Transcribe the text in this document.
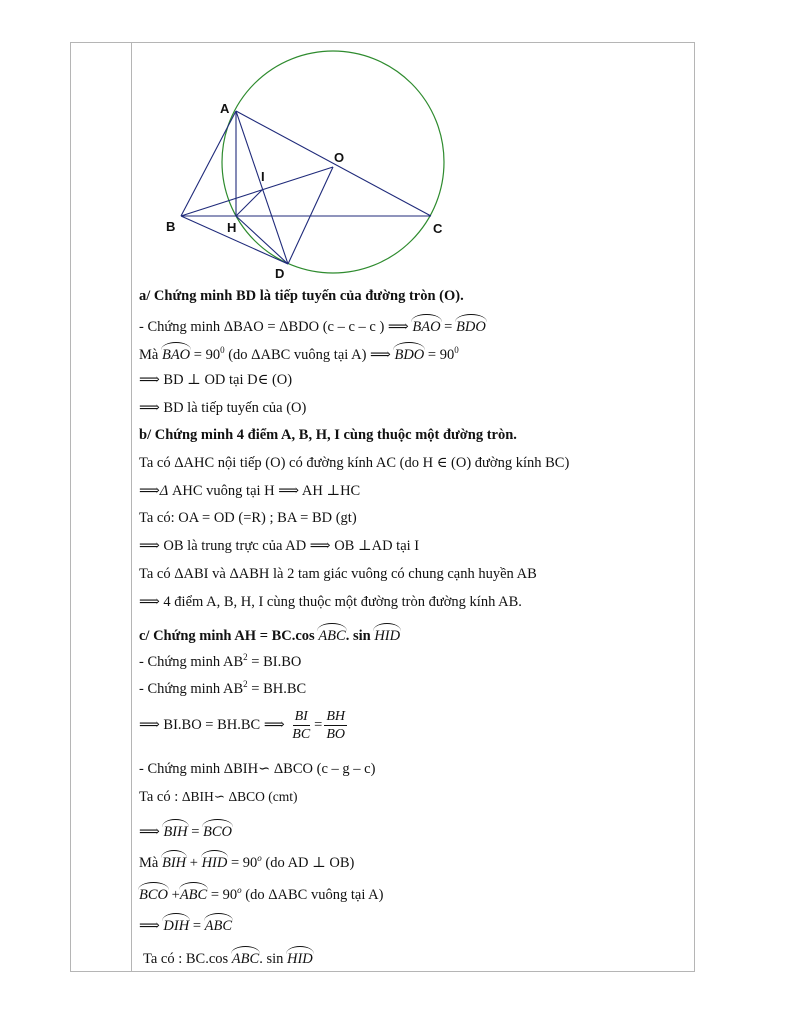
A
O
I
B	H	C
D
a/ Chứng minh BD là tiếp tuyến của đường tròn (O).
- Chứng minh ΔBAO = ΔBDO (c – c – c ) ⟹ BAO = BDO
Mà BAO = $90^0$ (do ΔABC vuông tại A) ⟹ BDO = $90^0$
⟹ BD ⊥ OD tại D∈ (O)
⟹ BD là tiếp tuyến của (O)
b/ Chứng minh 4 điểm A, B, H, I cùng thuộc một đường tròn.
Ta có ΔAHC nội tiếp (O) có đường kính AC (do H ∈ (O) đường kính BC)
⟹Δ AHC vuông tại H ⟹ AH ⊥HC
Ta có: OA = OD (=R) ; BA = BD (gt)
⟹ OB là trung trực của AD ⟹ OB ⊥AD tại I
Ta có ΔABI và ΔABH là 2 tam giác vuông có chung cạnh huyền AB
⟹ 4 điểm A, B, H, I cùng thuộc một đường tròn đường kính AB.
c/ Chứng minh AH = BC.cos ABC. sin HID
- Chứng minh $AB^2 = BI.BO$
- Chứng minh $AB^2 = BH.BC$
⟹ BI.BO = BH.BC ⟹ $\frac{BI}{BC} = \frac{BH}{BO}$
- Chứng minh ΔBIH∽ ΔBCO (c – g – c)
Ta có : ΔBIH∽ ΔBCO (cmt)
⟹ BIH = BCO
Mà BIH + HID = $90^o$ (do AD ⊥ OB)
BCO $+ABC = 90^o$ (do ΔABC vuông tại A)
⟹ DIH = ABC
Ta có : BC.cos ABC. sin HID
